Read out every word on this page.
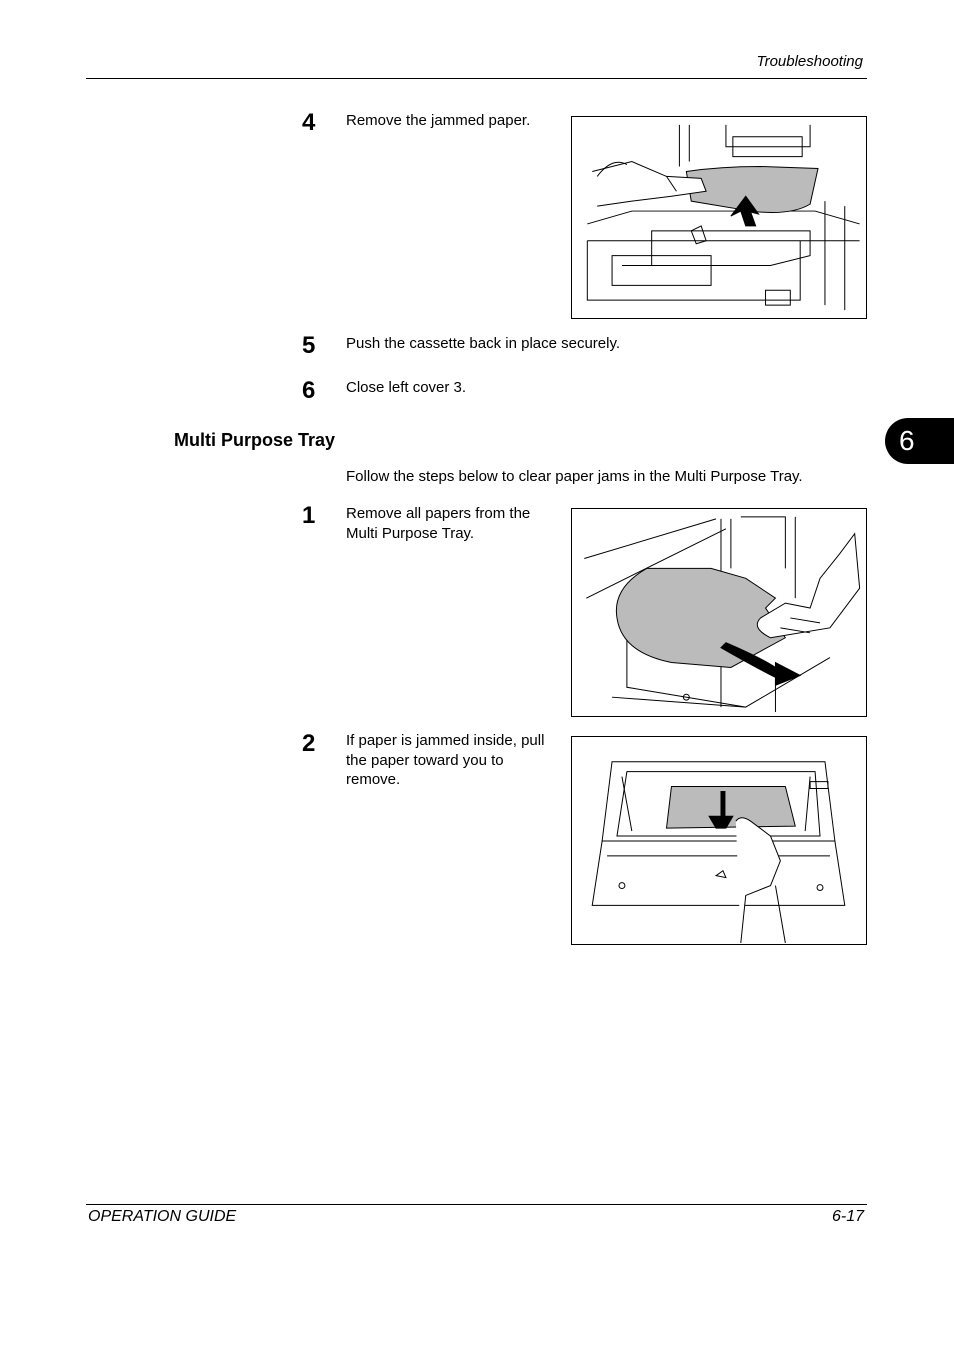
Troubleshooting
4	Remove the jammed paper.
5	Push the cassette back in place securely.
6	Close left cover 3.
6
Multi Purpose Tray
Follow the steps below to clear paper jams in the Multi Purpose Tray.
1	Remove all papers from the Multi Purpose Tray.
2	If paper is jammed inside, pull the paper toward you to remove.
OPERATION GUIDE	6-17
